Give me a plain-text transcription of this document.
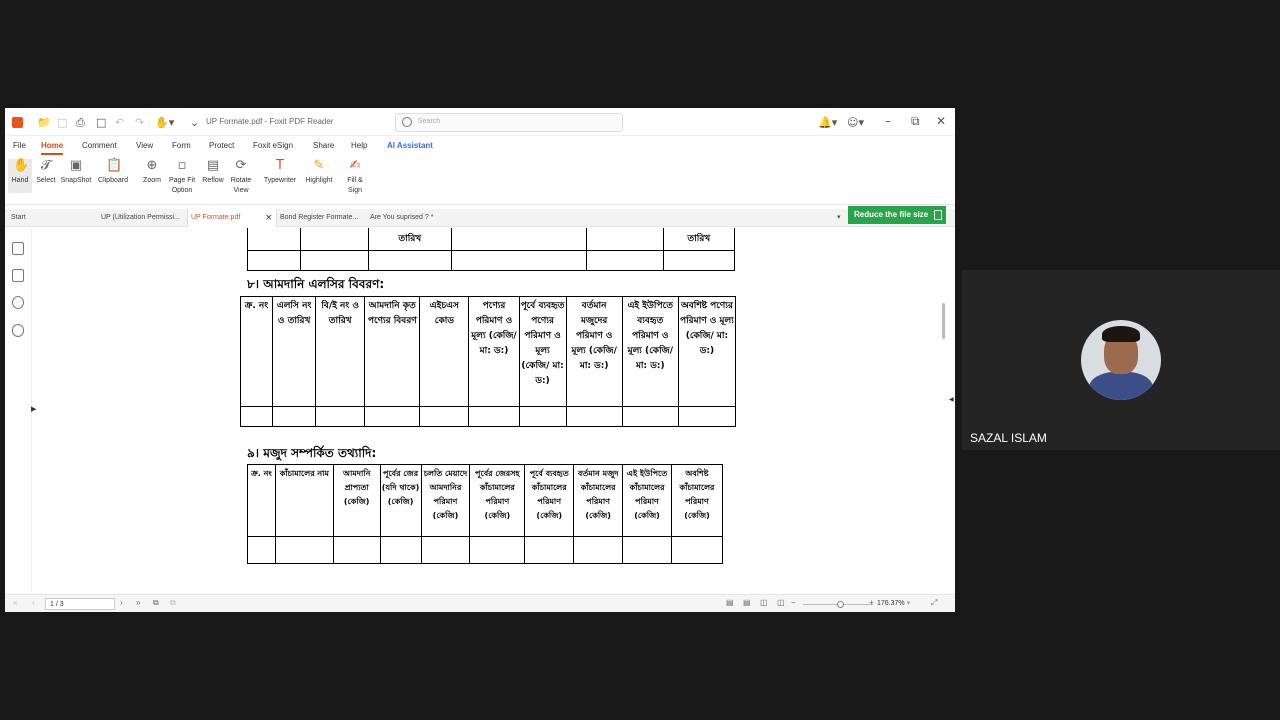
📁 □ ⎙ □ ↶ ↷ ✋▾ ⌄ UP Formate.pdf - Foxit PDF Reader	Search	🔔▾ ☺▾ – ⧉ ✕
File Home Comment View Form Protect Foxit eSign Share Help AI Assistant
✋
Hand
𝓣
Select
▣
SnapShot
📋
Clipboard
⊕
Zoom
▫
Page Fit
Option
▤
Reflow
⟳
Rotate
View
T
Typewriter
✎
Highlight
✍
Fill &
Sign
Start	UP (Utilization Permissi...	UP Formate.pdf	× Bond Register Formate...	Are You suprised ? *	▾	Reduce the file size
▶
		তারিখ			তারিখ

৮। আমদানি এলসির বিবরণ:
ক্র. নং	এলসি নং ও তারিখ	বি/ই নং ও তারিখ	আমদানি কৃত পণ্যের বিবরণ	এইচএস কোড	পণ্যের পরিমাণ ও মূল্য (কেজি/ মা: ড:)	পূর্বে ব্যবহৃত পণ্যের পরিমাণ ও মূল্য (কেজি/ মা: ড:)	বর্তমান মজুদের পরিমাণ ও মূল্য (কেজি/ মা: ড:)	এই ইউপিতে ব্যবহৃত পরিমাণ ও মূল্য (কেজি/ মা: ড:)	অবশিষ্ট পণ্যের পরিমাণ ও মূল্য (কেজি/ মা: ড:)

৯। মজুদ সম্পর্কিত তথ্যাদি:
ক্র. নং	কাঁচামালের নাম	আমদানি প্রাপ্যতা (কেজি)	পূর্বের জের (যদি থাকে) (কেজি)	চলতি মেয়াদে আমদানির পরিমাণ (কেজি)	পূর্বের জেরসহ কাঁচামালের পরিমাণ (কেজি)	পূর্বে ব্যবহৃত কাঁচামালের পরিমাণ (কেজি)	বর্তমান মজুদ কাঁচামালের পরিমাণ (কেজি)	এই ইউপিতে কাঁচামালের পরিমাণ (কেজি)	অবশিষ্ট কাঁচামালের পরিমাণ (কেজি)

◀
« ‹	1 / 3	› » ⧉ ⧉	▤ ▤ ◫ ◫ −	+ 176.37% ▾	⤢
SAZAL ISLAM
